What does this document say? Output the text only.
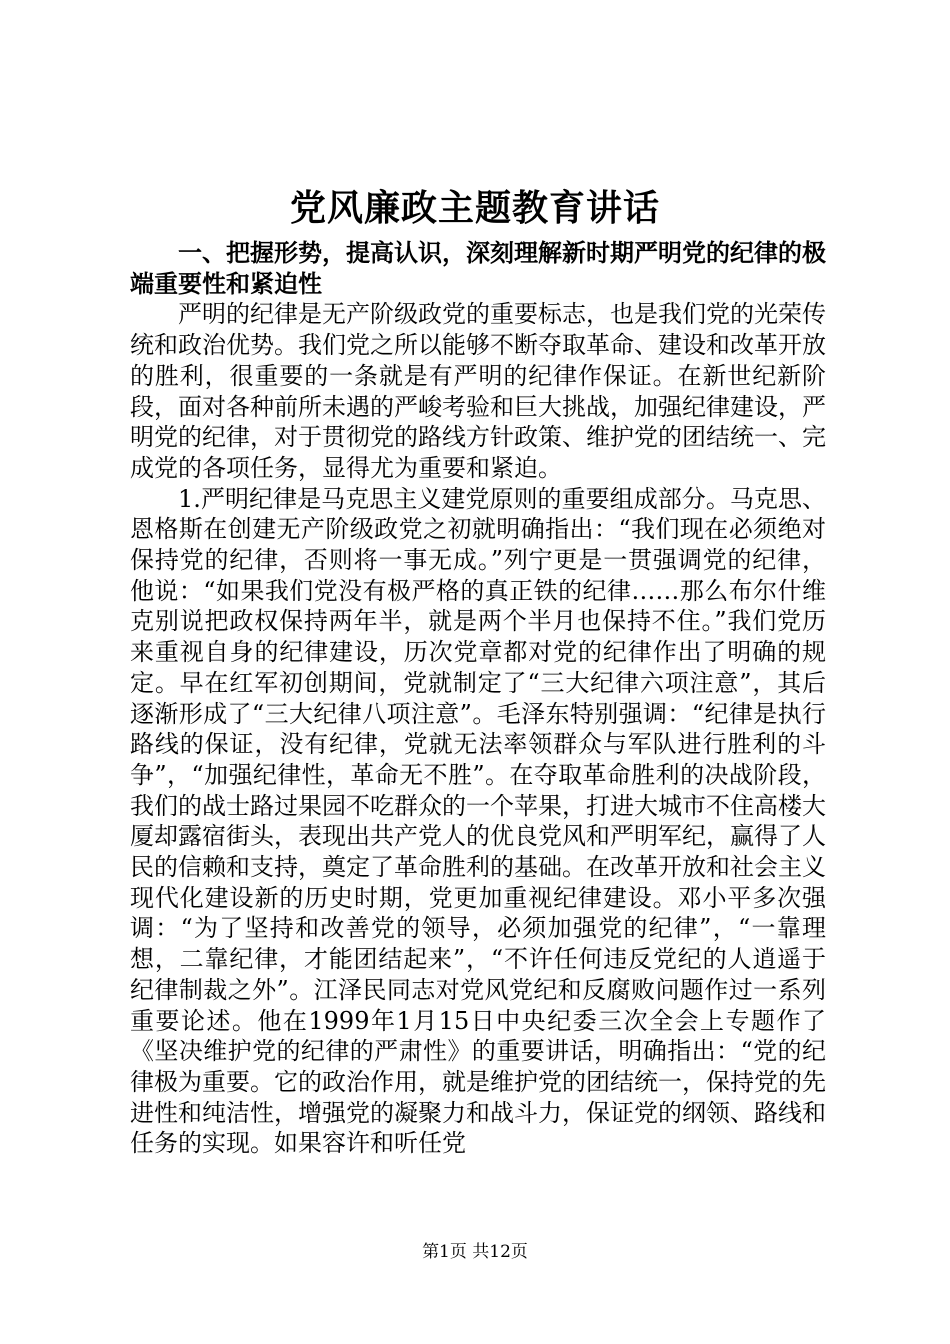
党风廉政主题教育讲话

一、把握形势，提高认识，深刻理解新时期严明党的纪律的极端重要性和紧迫性

严明的纪律是无产阶级政党的重要标志，也是我们党的光荣传统和政治优势。我们党之所以能够不断夺取革命、建设和改革开放的胜利，很重要的一条就是有严明的纪律作保证。在新世纪新阶段，面对各种前所未遇的严峻考验和巨大挑战，加强纪律建设，严明党的纪律，对于贯彻党的路线方针政策、维护党的团结统一、完成党的各项任务，显得尤为重要和紧迫。

1.严明纪律是马克思主义建党原则的重要组成部分。马克思、恩格斯在创建无产阶级政党之初就明确指出：“我们现在必须绝对保持党的纪律，否则将一事无成。”列宁更是一贯强调党的纪律，他说：“如果我们党没有极严格的真正铁的纪律……那么布尔什维克别说把政权保持两年半，就是两个半月也保持不住。”我们党历来重视自身的纪律建设，历次党章都对党的纪律作出了明确的规定。早在红军初创期间，党就制定了“三大纪律六项注意”，其后逐渐形成了“三大纪律八项注意”。毛泽东特别强调：“纪律是执行路线的保证，没有纪律，党就无法率领群众与军队进行胜利的斗争”，“加强纪律性，革命无不胜”。在夺取革命胜利的决战阶段，我们的战士路过果园不吃群众的一个苹果，打进大城市不住高楼大厦却露宿街头，表现出共产党人的优良党风和严明军纪，赢得了人民的信赖和支持，奠定了革命胜利的基础。在改革开放和社会主义现代化建设新的历史时期，党更加重视纪律建设。邓小平多次强调：“为了坚持和改善党的领导，必须加强党的纪律”，“一靠理想，二靠纪律，才能团结起来”，“不许任何违反党纪的人逍遥于纪律制裁之外”。江泽民同志对党风党纪和反腐败问题作过一系列重要论述。他在1999年1月15日中央纪委三次全会上专题作了《坚决维护党的纪律的严肃性》的重要讲话，明确指出：“党的纪律极为重要。它的政治作用，就是维护党的团结统一，保持党的先进性和纯洁性，增强党的凝聚力和战斗力，保证党的纲领、路线和任务的实现。如果容许和听任党

第1页 共12页
